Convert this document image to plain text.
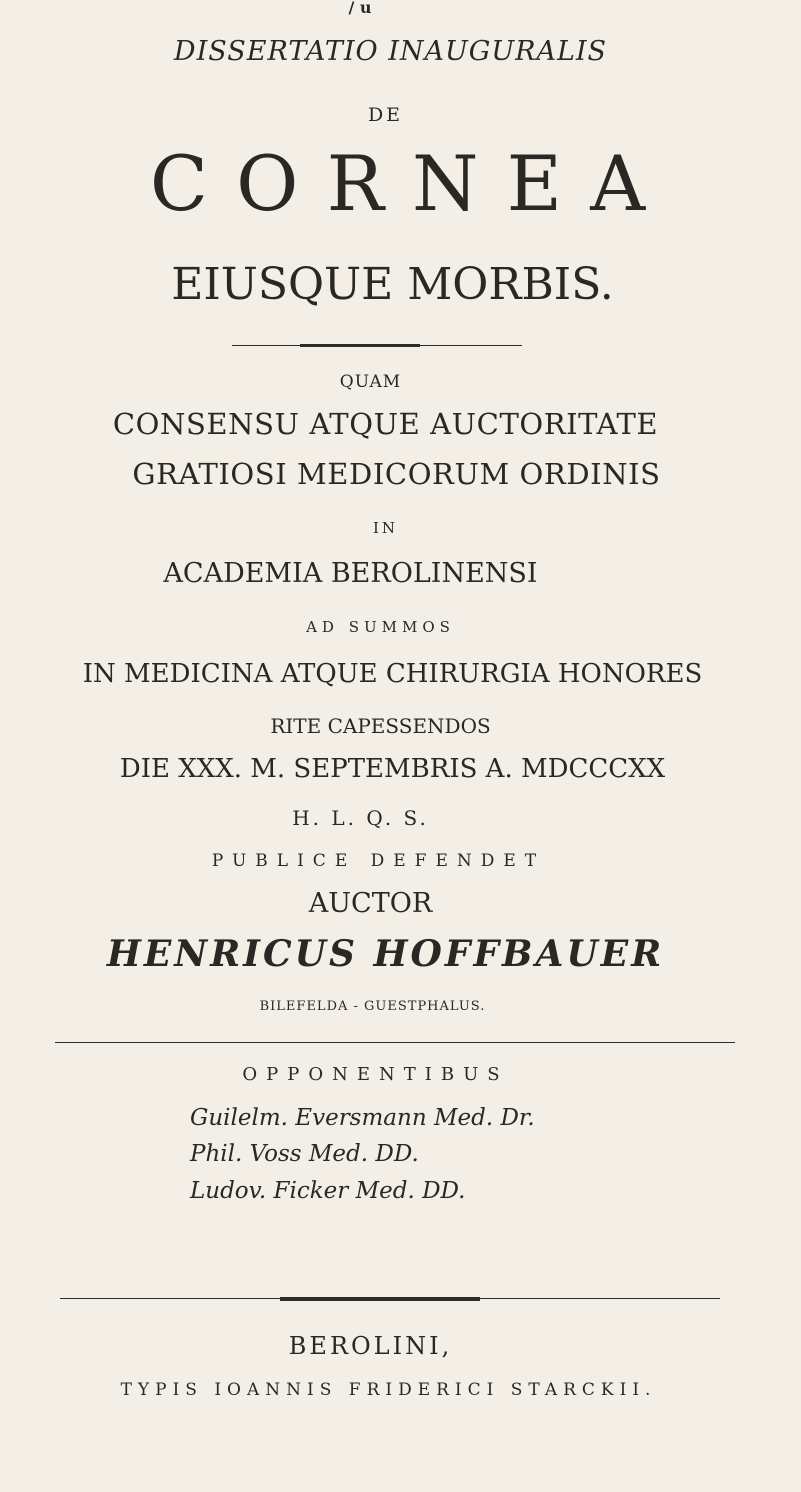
/ u
DISSERTATIO INAUGURALIS
DE
C O R N E A
EIUSQUE MORBIS.
QUAM
CONSENSU ATQUE AUCTORITATE
GRATIOSI MEDICORUM ORDINIS
IN
ACADEMIA BEROLINENSI
AD SUMMOS
IN MEDICINA ATQUE CHIRURGIA HONORES
RITE CAPESSENDOS
DIE XXX. M. SEPTEMBRIS A. MDCCCXX
H. L. Q. S.
PUBLICE DEFENDET
AUCTOR
HENRICUS HOFFBAUER
BILEFELDA - GUESTPHALUS.
OPPONENTIBUS
Guilelm. Eversmann Med. Dr.
Phil. Voss Med. DD.
Ludov. Ficker Med. DD.
BEROLINI,
TYPIS IOANNIS FRIDERICI STARCKII.
